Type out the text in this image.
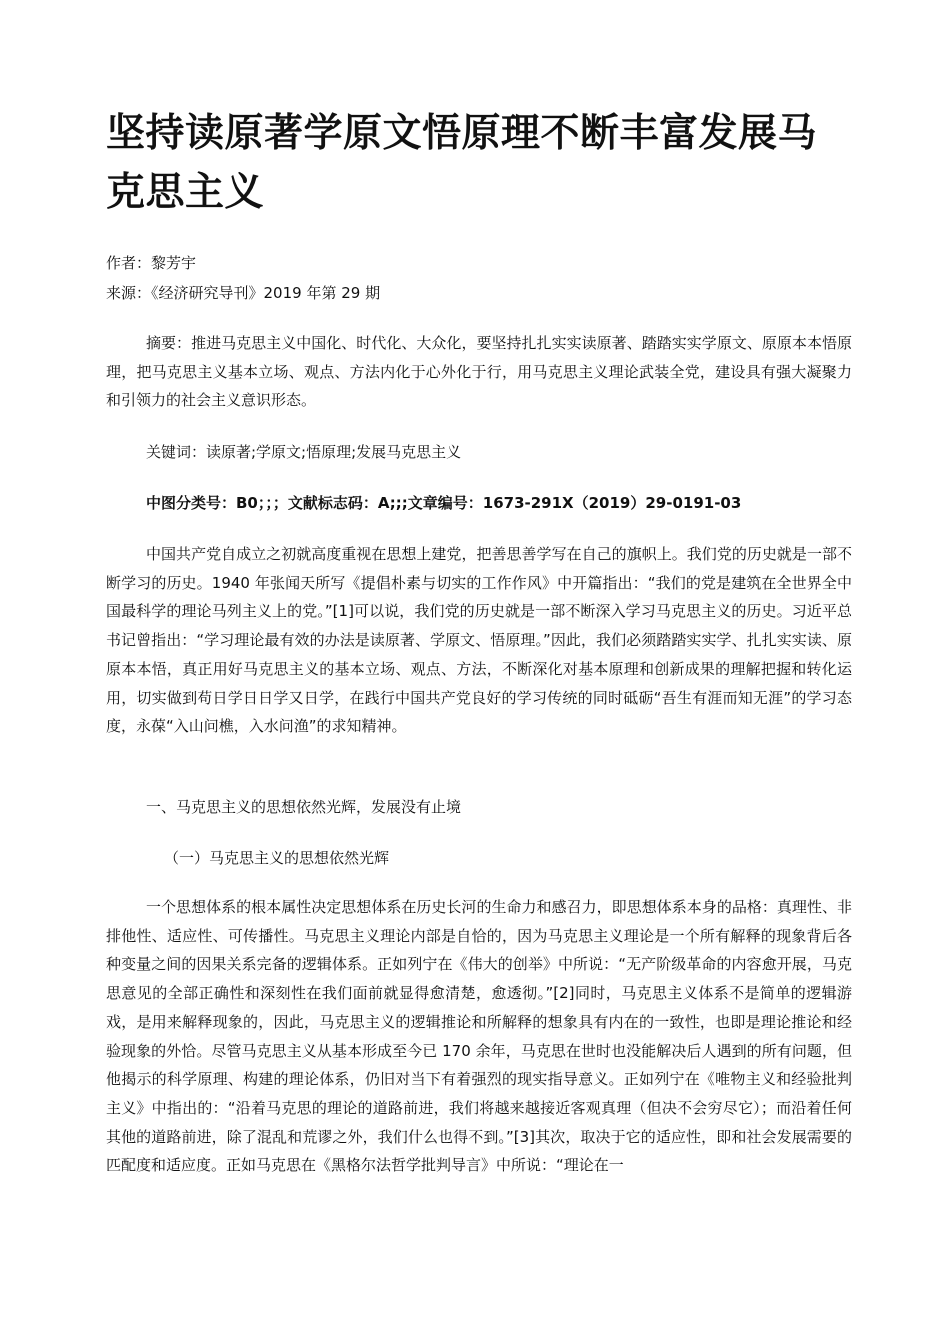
坚持读原著学原文悟原理不断丰富发展马克思主义

作者：黎芳宇

来源：《经济研究导刊》2019 年第 29 期

摘要：推进马克思主义中国化、时代化、大众化，要坚持扎扎实实读原著、踏踏实实学原文、原原本本悟原理，把马克思主义基本立场、观点、方法内化于心外化于行，用马克思主义理论武装全党，建设具有强大凝聚力和引领力的社会主义意识形态。

关键词：读原著;学原文;悟原理;发展马克思主义

中图分类号：B0；；；文献标志码：A;;;文章编号：1673-291X（2019）29-0191-03

中国共产党自成立之初就高度重视在思想上建党，把善思善学写在自己的旗帜上。我们党的历史就是一部不断学习的历史。1940 年张闻天所写《提倡朴素与切实的工作作风》中开篇指出：“我们的党是建筑在全世界全中国最科学的理论马列主义上的党。”[1]可以说，我们党的历史就是一部不断深入学习马克思主义的历史。习近平总书记曾指出：“学习理论最有效的办法是读原著、学原文、悟原理。”因此，我们必须踏踏实实学、扎扎实实读、原原本本悟，真正用好马克思主义的基本立场、观点、方法，不断深化对基本原理和创新成果的理解把握和转化运用，切实做到苟日学日日学又日学，在践行中国共产党良好的学习传统的同时砥砺“吾生有涯而知无涯”的学习态度，永葆“入山问樵，入水问渔”的求知精神。

一、马克思主义的思想依然光辉，发展没有止境

（一）马克思主义的思想依然光辉

一个思想体系的根本属性决定思想体系在历史长河的生命力和感召力，即思想体系本身的品格：真理性、非排他性、适应性、可传播性。马克思主义理论内部是自恰的，因为马克思主义理论是一个所有解释的现象背后各种变量之间的因果关系完备的逻辑体系。正如列宁在《伟大的创举》中所说：“无产阶级革命的内容愈开展，马克思意见的全部正确性和深刻性在我们面前就显得愈清楚，愈透彻。”[2]同时，马克思主义体系不是简单的逻辑游戏，是用来解释现象的，因此，马克思主义的逻辑推论和所解释的想象具有内在的一致性，也即是理论推论和经验现象的外恰。尽管马克思主义从基本形成至今已 170 余年，马克思在世时也没能解决后人遇到的所有问题，但他揭示的科学原理、构建的理论体系，仍旧对当下有着强烈的现实指导意义。正如列宁在《唯物主义和经验批判主义》中指出的：“沿着马克思的理论的道路前进，我们将越来越接近客观真理（但决不会穷尽它）；而沿着任何其他的道路前进，除了混乱和荒谬之外，我们什么也得不到。”[3]其次，取决于它的适应性，即和社会发展需要的匹配度和适应度。正如马克思在《黑格尔法哲学批判导言》中所说：“理论在一
